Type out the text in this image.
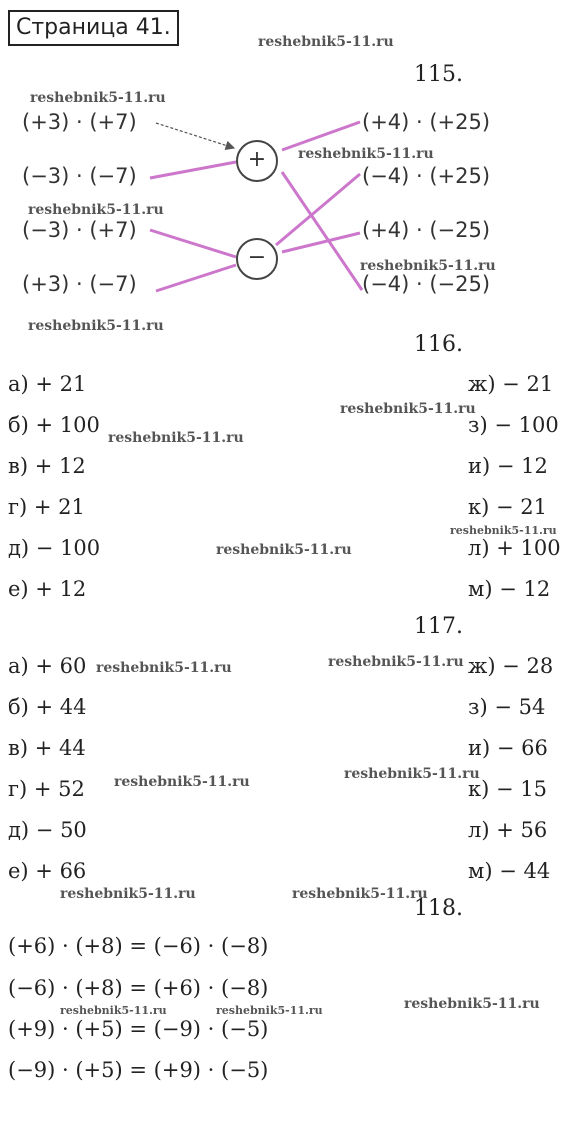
Страница 41.
reshebnik5-11.ru
reshebnik5-11.ru
reshebnik5-11.ru
reshebnik5-11.ru
reshebnik5-11.ru
reshebnik5-11.ru
reshebnik5-11.ru
reshebnik5-11.ru
reshebnik5-11.ru
reshebnik5-11.ru
reshebnik5-11.ru	reshebnik5-11.ru
reshebnik5-11.ru
reshebnik5-11.ru
reshebnik5-11.ru	reshebnik5-11.ru
reshebnik5-11.ru
reshebnik5-11.ru	reshebnik5-11.ru
115.
(+3) · (+7)
(−3) · (−7)
(−3) · (+7)
(+3) · (−7)
+
−
(+4) · (+25)
(−4) · (+25)
(+4) · (−25)
(−4) · (−25)
116.
а) + 21
б) + 100
в) + 12
г) + 21
д) − 100
е) + 12
ж) − 21
з) − 100
и) − 12
к) − 21
л) + 100
м) − 12
117.
а) + 60
б) + 44
в) + 44
г) + 52
д) − 50
е) + 66
ж) − 28
з) − 54
и) − 66
к) − 15
л) + 56
м) − 44
118.
(+6) · (+8) = (−6) · (−8)
(−6) · (+8) = (+6) · (−8)
(+9) · (+5) = (−9) · (−5)
(−9) · (+5) = (+9) · (−5)
